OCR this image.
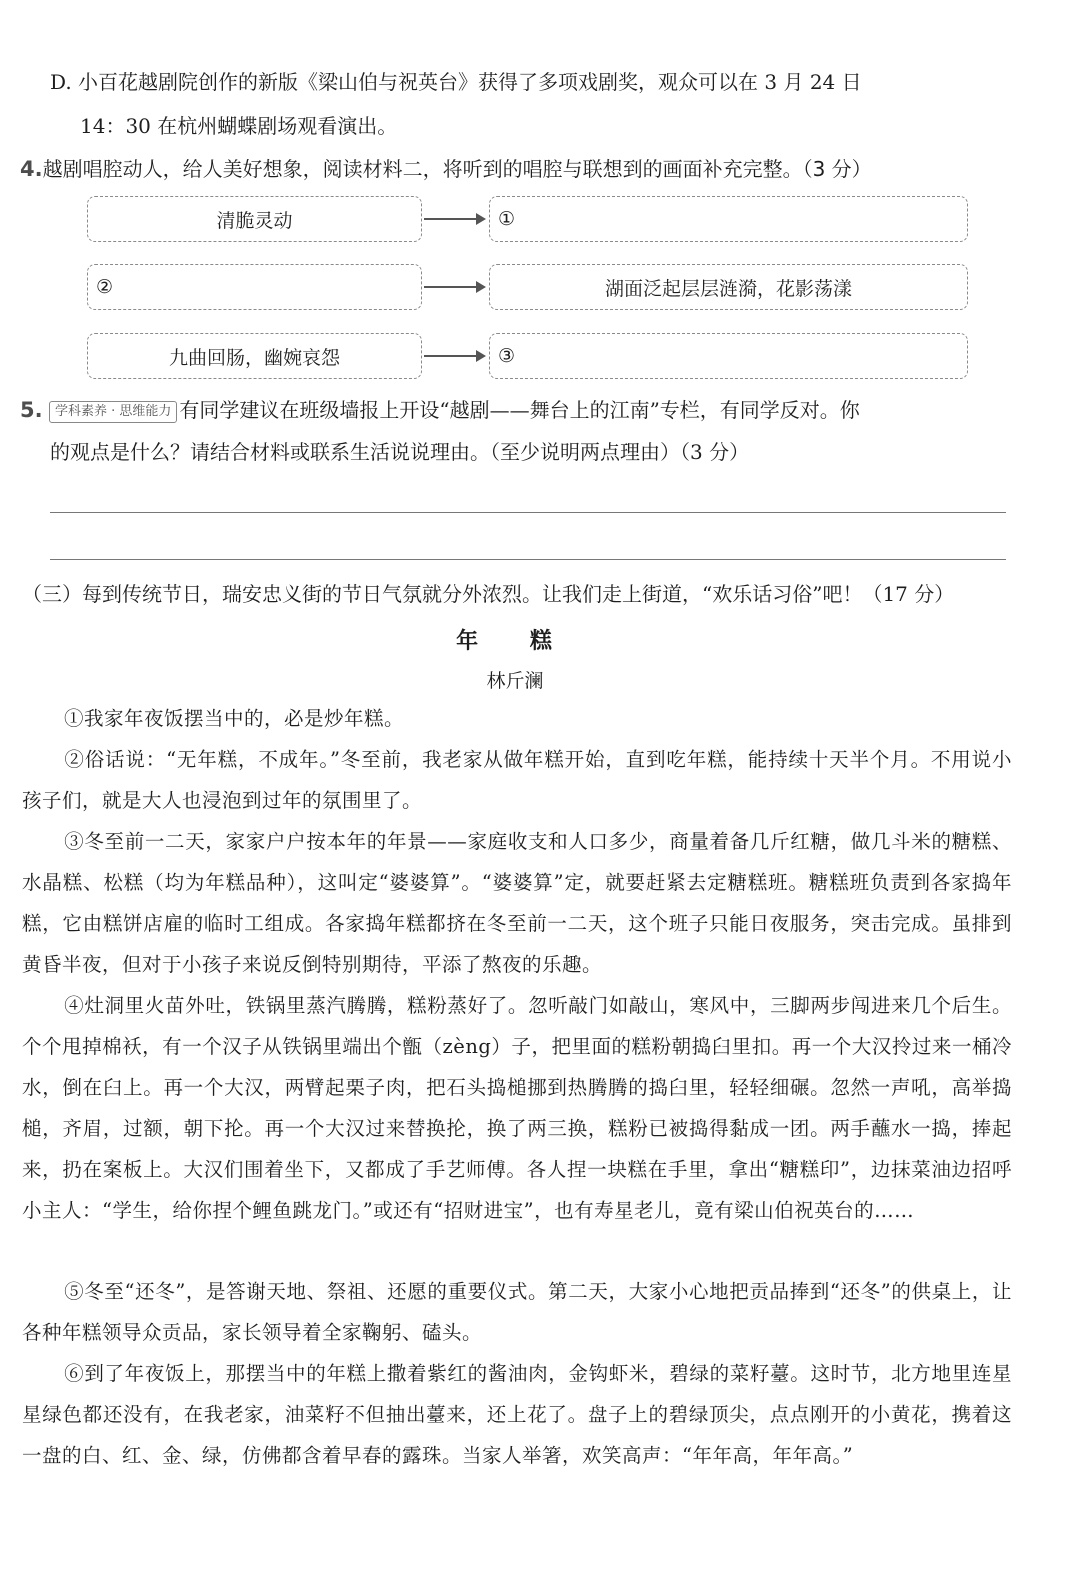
D. 小百花越剧院创作的新版《梁山伯与祝英台》获得了多项戏剧奖，观众可以在 3 月 24 日
14：30 在杭州蝴蝶剧场观看演出。
4.越剧唱腔动人，给人美好想象，阅读材料二，将听到的唱腔与联想到的画面补充完整。（3 分）
清脆灵动	①
②	湖面泛起层层涟漪，花影荡漾
九曲回肠，幽婉哀怨	③
5. 学科素养 · 思维能力 有同学建议在班级墙报上开设“越剧——舞台上的江南”专栏，有同学反对。你
的观点是什么？请结合材料或联系生活说说理由。（至少说明两点理由）（3 分）
（三）每到传统节日，瑞安忠义街的节日气氛就分外浓烈。让我们走上街道，“欢乐话习俗”吧！（17 分）
年 糕
林斤澜
①我家年夜饭摆当中的，必是炒年糕。
②俗话说：“无年糕，不成年。”冬至前，我老家从做年糕开始，直到吃年糕，能持续十天半个月。不用说小孩子们，就是大人也浸泡到过年的氛围里了。
③冬至前一二天，家家户户按本年的年景——家庭收支和人口多少，商量着备几斤红糖，做几斗米的糖糕、水晶糕、松糕（均为年糕品种），这叫定“婆婆算”。“婆婆算”定，就要赶紧去定糖糕班。糖糕班负责到各家捣年糕，它由糕饼店雇的临时工组成。各家捣年糕都挤在冬至前一二天，这个班子只能日夜服务，突击完成。虽排到黄昏半夜，但对于小孩子来说反倒特别期待，平添了熬夜的乐趣。
④灶洞里火苗外吐，铁锅里蒸汽腾腾，糕粉蒸好了。忽听敲门如敲山，寒风中，三脚两步闯进来几个后生。个个甩掉棉袄，有一个汉子从铁锅里端出个甑（zèng）子，把里面的糕粉朝捣臼里扣。再一个大汉拎过来一桶冷水，倒在臼上。再一个大汉，两臂起栗子肉，把石头捣槌挪到热腾腾的捣臼里，轻轻细碾。忽然一声吼，高举捣槌，齐眉，过额，朝下抡。再一个大汉过来替换抡，换了两三换，糕粉已被捣得黏成一团。两手蘸水一捣，捧起来，扔在案板上。大汉们围着坐下，又都成了手艺师傅。各人捏一块糕在手里，拿出“糖糕印”，边抹菜油边招呼小主人：“学生，给你捏个鲤鱼跳龙门。”或还有“招财进宝”，也有寿星老儿，竟有梁山伯祝英台的……
⑤冬至“还冬”，是答谢天地、祭祖、还愿的重要仪式。第二天，大家小心地把贡品捧到“还冬”的供桌上，让各种年糕领导众贡品，家长领导着全家鞠躬、磕头。
⑥到了年夜饭上，那摆当中的年糕上撒着紫红的酱油肉，金钩虾米，碧绿的菜籽薹。这时节，北方地里连星星绿色都还没有，在我老家，油菜籽不但抽出薹来，还上花了。盘子上的碧绿顶尖，点点刚开的小黄花，携着这一盘的白、红、金、绿，仿佛都含着早春的露珠。当家人举箸，欢笑高声：“年年高，年年高。”
